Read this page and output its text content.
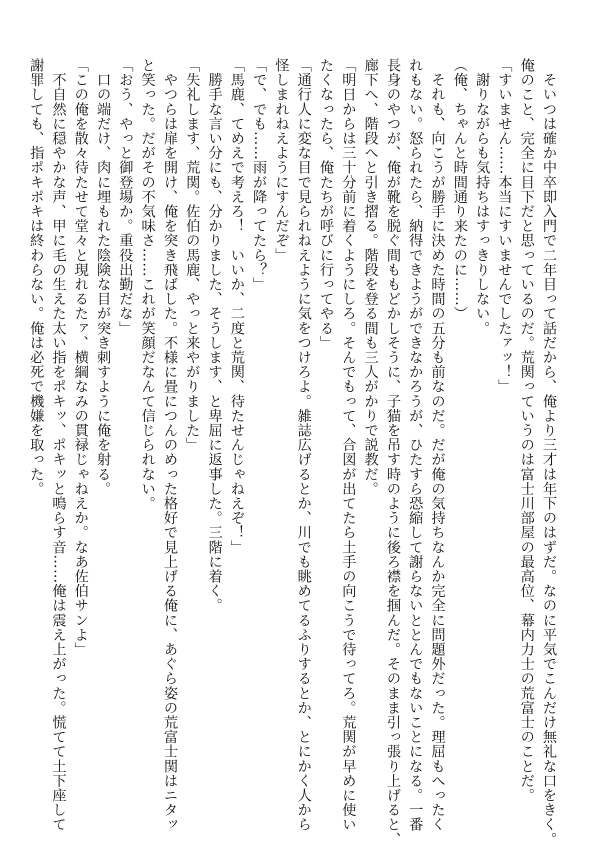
　そいつは確か中卒即入門で二年目って話だから、俺より三才は年下のはずだ。なのに平気でこんだけ無礼な口をきく。
俺のこと、完全に目下だと思っているのだ。荒関っていうのは富士川部屋の最高位、幕内力士の荒富士のことだ。
「すいません……本当にすいませんでしたァッ！」
　謝りながらも気持ちはすっきりしない。
（俺、ちゃんと時間通り来たのに……）
　それも、向こうが勝手に決めた時間の五分も前なのだ。だが俺の気持ちなんか完全に問題外だった。理屈もへったく
れもない。怒られたら、納得できようができなかろうが、ひたすら恐縮して謝らないととんでもないことになる。一番
長身のやつが、俺が靴を脱ぐ間ももどかしそうに、子猫を吊す時のように後ろ襟を掴んだ。そのまま引っ張り上げると、
廊下へ、階段へと引き摺る。階段を登る間も三人がかりで説教だ。
「明日からは三十分前に着くようにしろ。そんでもって、合図が出てたら土手の向こうで待ってろ。荒関が早めに使い
たくなったら、俺たちが呼びに行ってやる」
「通行人に変な目で見られねえように気をつけろよ。雑誌広げるとか、川でも眺めてるふりするとか、とにかく人から
怪しまれねえようにすんだぞ」
「で、でも……雨が降ってたら？」
「馬鹿、てめえで考えろ！　いいか、二度と荒関、待たせんじゃねえぞ！」
　勝手な言い分にも、分かりました、そうします、と卑屈に返事した。三階に着く。
「失礼します、荒関。佐伯の馬鹿、やっと来やがりました」
　やつらは扉を開け、俺を突き飛ばした。不様に畳につんのめった格好で見上げる俺に、あぐら姿の荒富士関はニタッ
と笑った。だがその不気味さ……これが笑顔だなんて信じられない。
「おう、やっと御登場か。重役出勤だな」
　口の端だけ、肉に埋もれた陰険な目が突き刺すように俺を射る。
「この俺を散々待たせて堂々と現れるたァ、横綱なみの貫禄じゃねえか。なあ佐伯サンよ」
　不自然に穏やかな声、甲に毛の生えた太い指をポキッ、ポキッと鳴らす音……俺は震え上がった。慌てて土下座して
謝罪しても、指ポキポキは終わらない。俺は必死で機嫌を取った。
